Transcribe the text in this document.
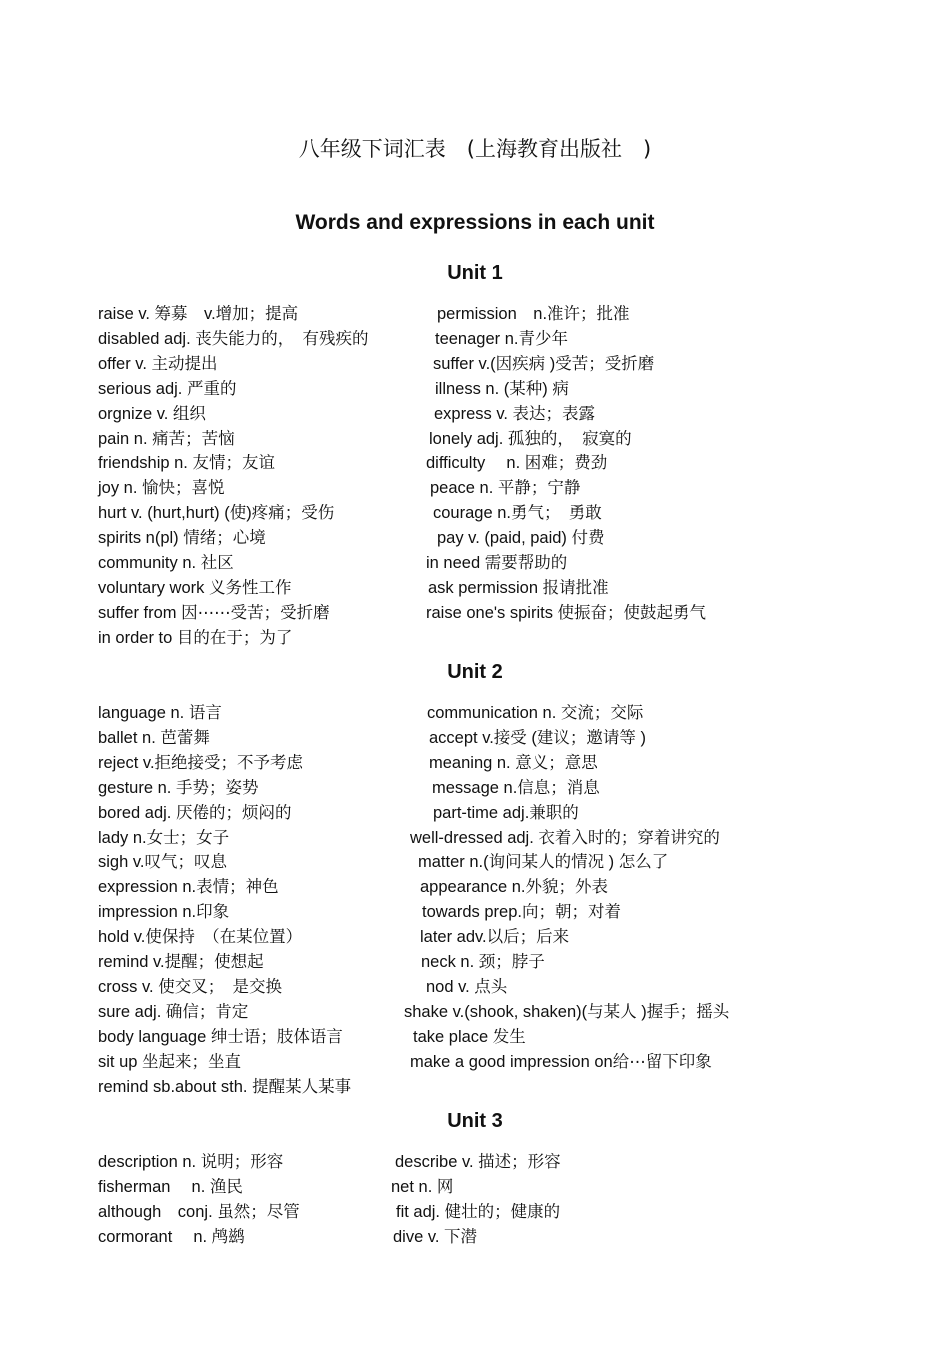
八年级下词汇表　(上海教育出版社　)
Words and expressions in each unit
Unit 1
raise v. 筹募　v.增加；提高
disabled adj. 丧失能力的，　有残疾的
offer v. 主动提出
serious adj. 严重的
orgnize v. 组织
pain n. 痛苦；苦恼
friendship n. 友情；友谊
joy n. 愉快；喜悦
hurt v. (hurt,hurt) (使)疼痛；受伤
spirits n(pl) 情绪；心境
community n. 社区
voluntary work 义务性工作
suffer from 因⋯⋯受苦；受折磨
in order to 目的在于；为了
permission　n.准许；批准
teenager n.青少年
suffer v.(因疾病 )受苦；受折磨
illness n. (某种) 病
express v. 表达；表露
lonely adj. 孤独的，　寂寞的
difficulty　 n. 困难；费劲
peace n. 平静；宁静
courage n.勇气；　勇敢
pay v. (paid, paid) 付费
in need 需要帮助的
ask permission 报请批准
raise one's spirits 使振奋；使鼓起勇气
Unit 2
language n. 语言
ballet n. 芭蕾舞
reject v.拒绝接受；不予考虑
gesture n. 手势；姿势
bored adj. 厌倦的；烦闷的
lady n.女士；女子
sigh v.叹气；叹息
expression n.表情；神色
impression n.印象
hold v.使保持　（在某位置）
remind v.提醒；使想起
cross v. 使交叉；　是交换
sure adj. 确信；肯定
body language 绅士语；肢体语言
sit up 坐起来；坐直
remind sb.about sth. 提醒某人某事
communication n. 交流；交际
accept v.接受 (建议；邀请等 )
meaning n. 意义；意思
message n.信息；消息
part-time adj.兼职的
well-dressed adj. 衣着入时的；穿着讲究的
matter n.(询问某人的情况 ) 怎么了
appearance n.外貌；外表
towards prep.向；朝；对着
later adv.以后；后来
neck n. 颈；脖子
nod v. 点头
shake v.(shook, shaken)(与某人 )握手；摇头
take place 发生
make a good impression on给⋯留下印象
Unit 3
description n. 说明；形容
fisherman　 n. 渔民
although　conj. 虽然；尽管
cormorant　 n. 鸬鹚
describe v. 描述；形容
net n. 网
fit adj. 健壮的；健康的
dive v. 下潜
